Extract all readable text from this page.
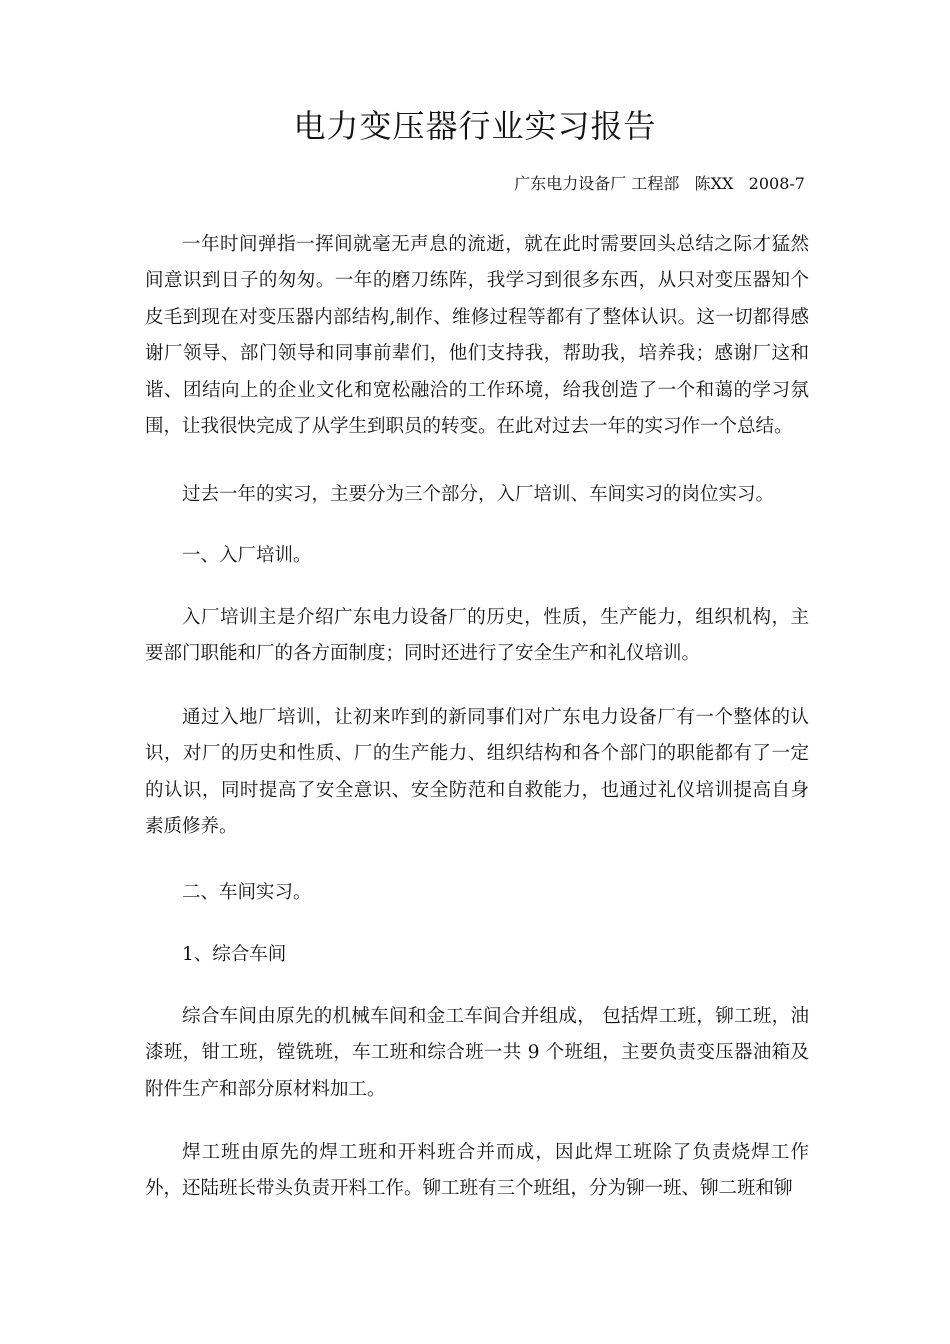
电力变压器行业实习报告
广东电力设备厂 工程部   陈XX   2008-7

一年时间弹指一挥间就毫无声息的流逝，就在此时需要回头总结之际才猛然间意识到日子的匆匆。一年的磨刀练阵，我学习到很多东西，从只对变压器知个皮毛到现在对变压器内部结构,制作、维修过程等都有了整体认识。这一切都得感谢厂领导、部门领导和同事前辈们，他们支持我，帮助我，培养我；感谢厂这和谐、团结向上的企业文化和宽松融洽的工作环境，给我创造了一个和蔼的学习氛围，让我很快完成了从学生到职员的转变。在此对过去一年的实习作一个总结。

过去一年的实习，主要分为三个部分，入厂培训、车间实习的岗位实习。

一、入厂培训。

入厂培训主是介绍广东电力设备厂的历史，性质，生产能力，组织机构，主要部门职能和厂的各方面制度；同时还进行了安全生产和礼仪培训。

通过入地厂培训，让初来咋到的新同事们对广东电力设备厂有一个整体的认识，对厂的历史和性质、厂的生产能力、组织结构和各个部门的职能都有了一定的认识，同时提高了安全意识、安全防范和自救能力，也通过礼仪培训提高自身素质修养。

二、车间实习。

1、综合车间

综合车间由原先的机械车间和金工车间合并组成， 包括焊工班，铆工班，油漆班，钳工班，镗铣班，车工班和综合班一共 9 个班组，主要负责变压器油箱及附件生产和部分原材料加工。

焊工班由原先的焊工班和开料班合并而成，因此焊工班除了负责烧焊工作外，还陆班长带头负责开料工作。铆工班有三个班组，分为铆一班、铆二班和铆
